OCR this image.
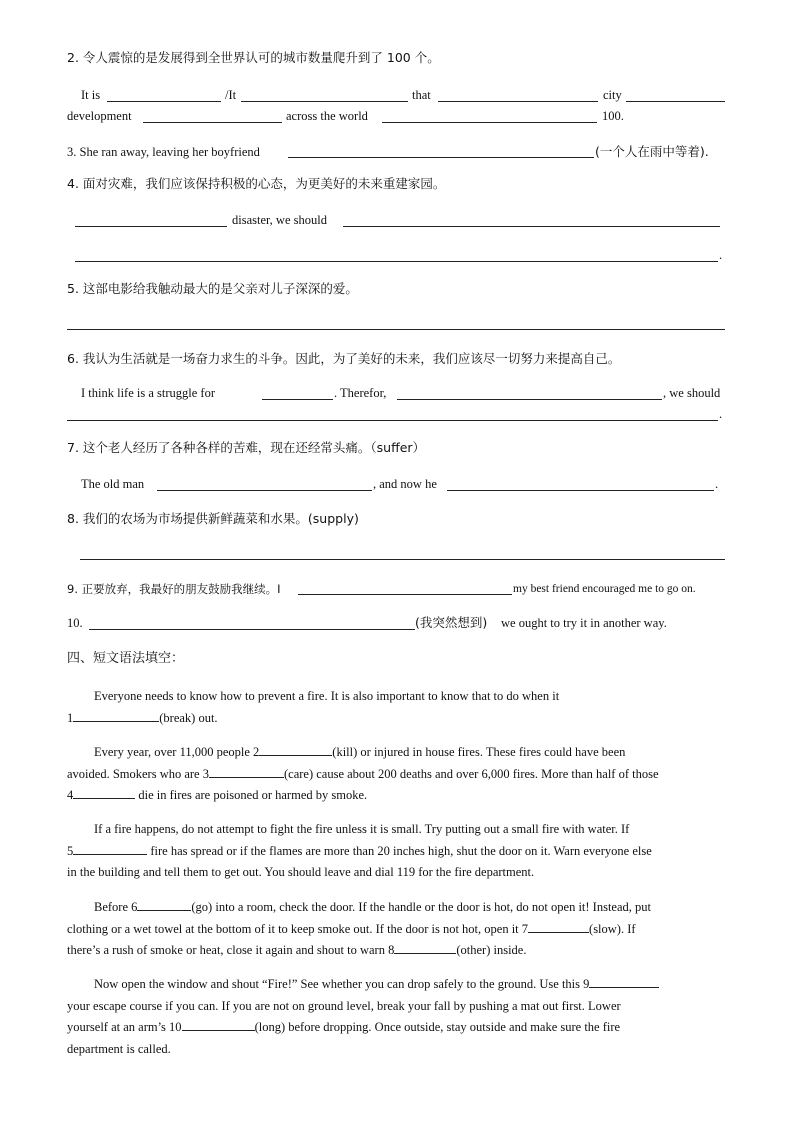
2. 令人震惊的是发展得到全世界认可的城市数量爬升到了 100 个。
It is	/It	that	city
development	across the world	100.
3. She ran away, leaving her boyfriend	(一个人在雨中等着).
4. 面对灾难，我们应该保持积极的心态，为更美好的未来重建家园。
disaster, we should
.
5. 这部电影给我触动最大的是父亲对儿子深深的爱。
6. 我认为生活就是一场奋力求生的斗争。因此，为了美好的未来，我们应该尽一切努力来提高自己。
I think life is a struggle for	. Therefor,	, we should
.
7. 这个老人经历了各种各样的苦难，现在还经常头痛。（suffer）
The old man	, and now he	.
8. 我们的农场为市场提供新鲜蔬菜和水果。(supply)
9. 正要放弃，我最好的朋友鼓励我继续。I	my best friend encouraged me to go on.
10.	(我突然想到) we ought to try it in another way.
四、短文语法填空：
Everyone needs to know how to prevent a fire. It is also important to know that to do when it
1	(break) out.
Every year, over 11,000 people 2	(kill) or injured in house fires. These fires could have been
avoided. Smokers who are 3	(care) cause about 200 deaths and over 6,000 fires. More than half of those
4	die in fires are poisoned or harmed by smoke.
If a fire happens, do not attempt to fight the fire unless it is small. Try putting out a small fire with water. If
5	fire has spread or if the flames are more than 20 inches high, shut the door on it. Warn everyone else
in the building and tell them to get out. You should leave and dial 119 for the fire department.
Before 6	(go) into a room, check the door. If the handle or the door is hot, do not open it! Instead, put
clothing or a wet towel at the bottom of it to keep smoke out. If the door is not hot, open it 7	(slow). If
there’s a rush of smoke or heat, close it again and shout to warn 8	(other) inside.
Now open the window and shout “Fire!” See whether you can drop safely to the ground. Use this 9
your escape course if you can. If you are not on ground level, break your fall by pushing a mat out first. Lower
yourself at an arm’s 10	(long) before dropping. Once outside, stay outside and make sure the fire
department is called.
